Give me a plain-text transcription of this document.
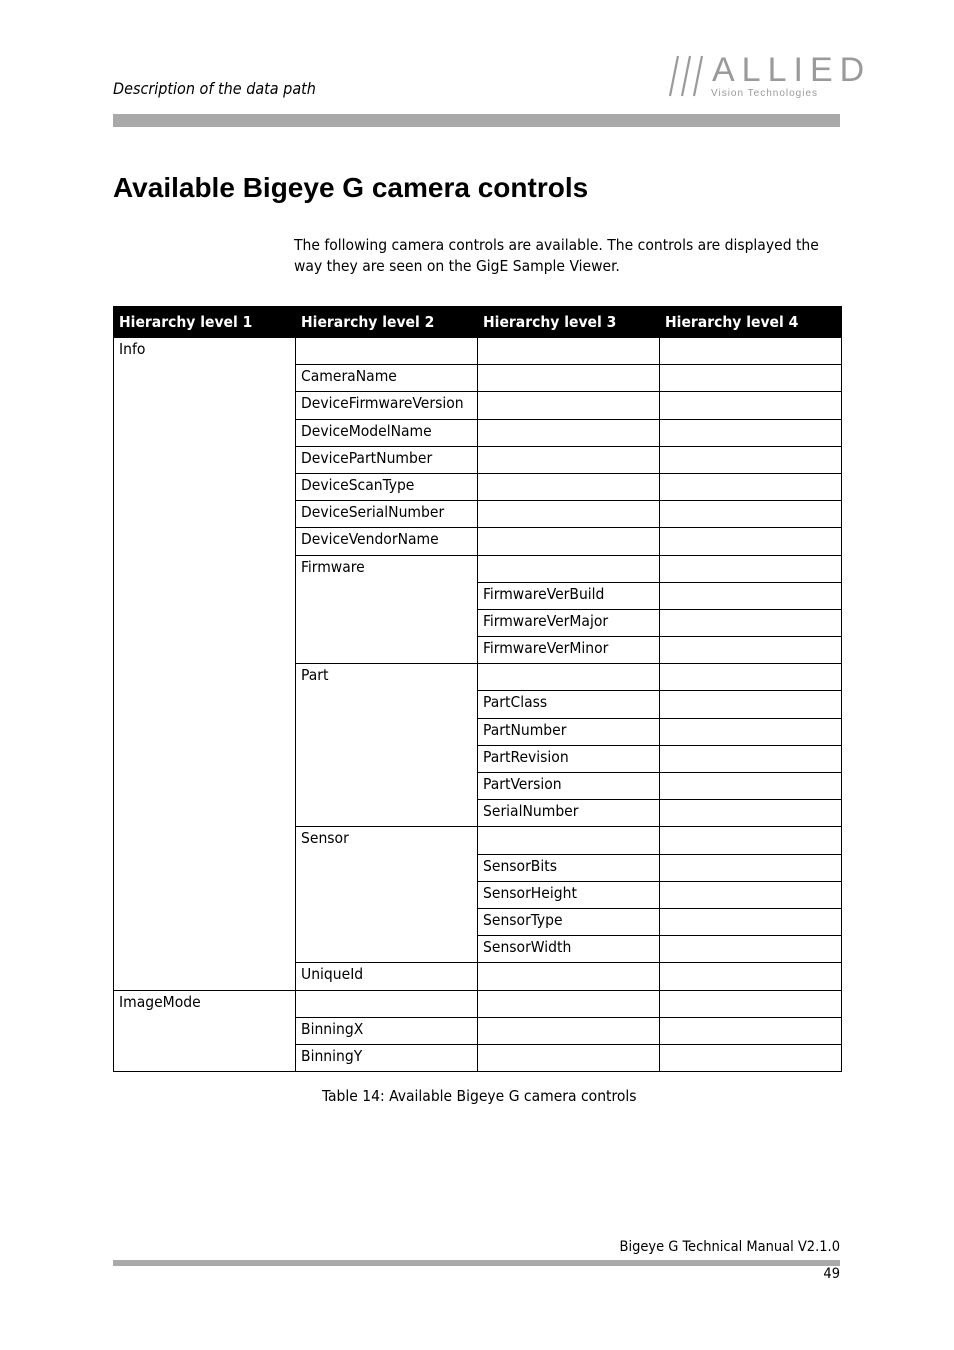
Description of the data path	ALLIED
Vision Technologies
Available Bigeye G camera controls
The following camera controls are available. The controls are displayed the way they are seen on the GigE Sample Viewer.
Hierarchy level 1	Hierarchy level 2	Hierarchy level 3	Hierarchy level 4
Info			
	CameraName		
	DeviceFirmwareVersion		
	DeviceModelName		
	DevicePartNumber		
	DeviceScanType		
	DeviceSerialNumber		
	DeviceVendorName		
	Firmware		
		FirmwareVerBuild	
		FirmwareVerMajor	
		FirmwareVerMinor	
	Part		
		PartClass	
		PartNumber	
		PartRevision	
		PartVersion	
		SerialNumber	
	Sensor		
		SensorBits	
		SensorHeight	
		SensorType	
		SensorWidth	
	UniqueId		
ImageMode			
	BinningX		
	BinningY		
Table 14: Available Bigeye G camera controls
Bigeye G Technical Manual V2.1.0
49
